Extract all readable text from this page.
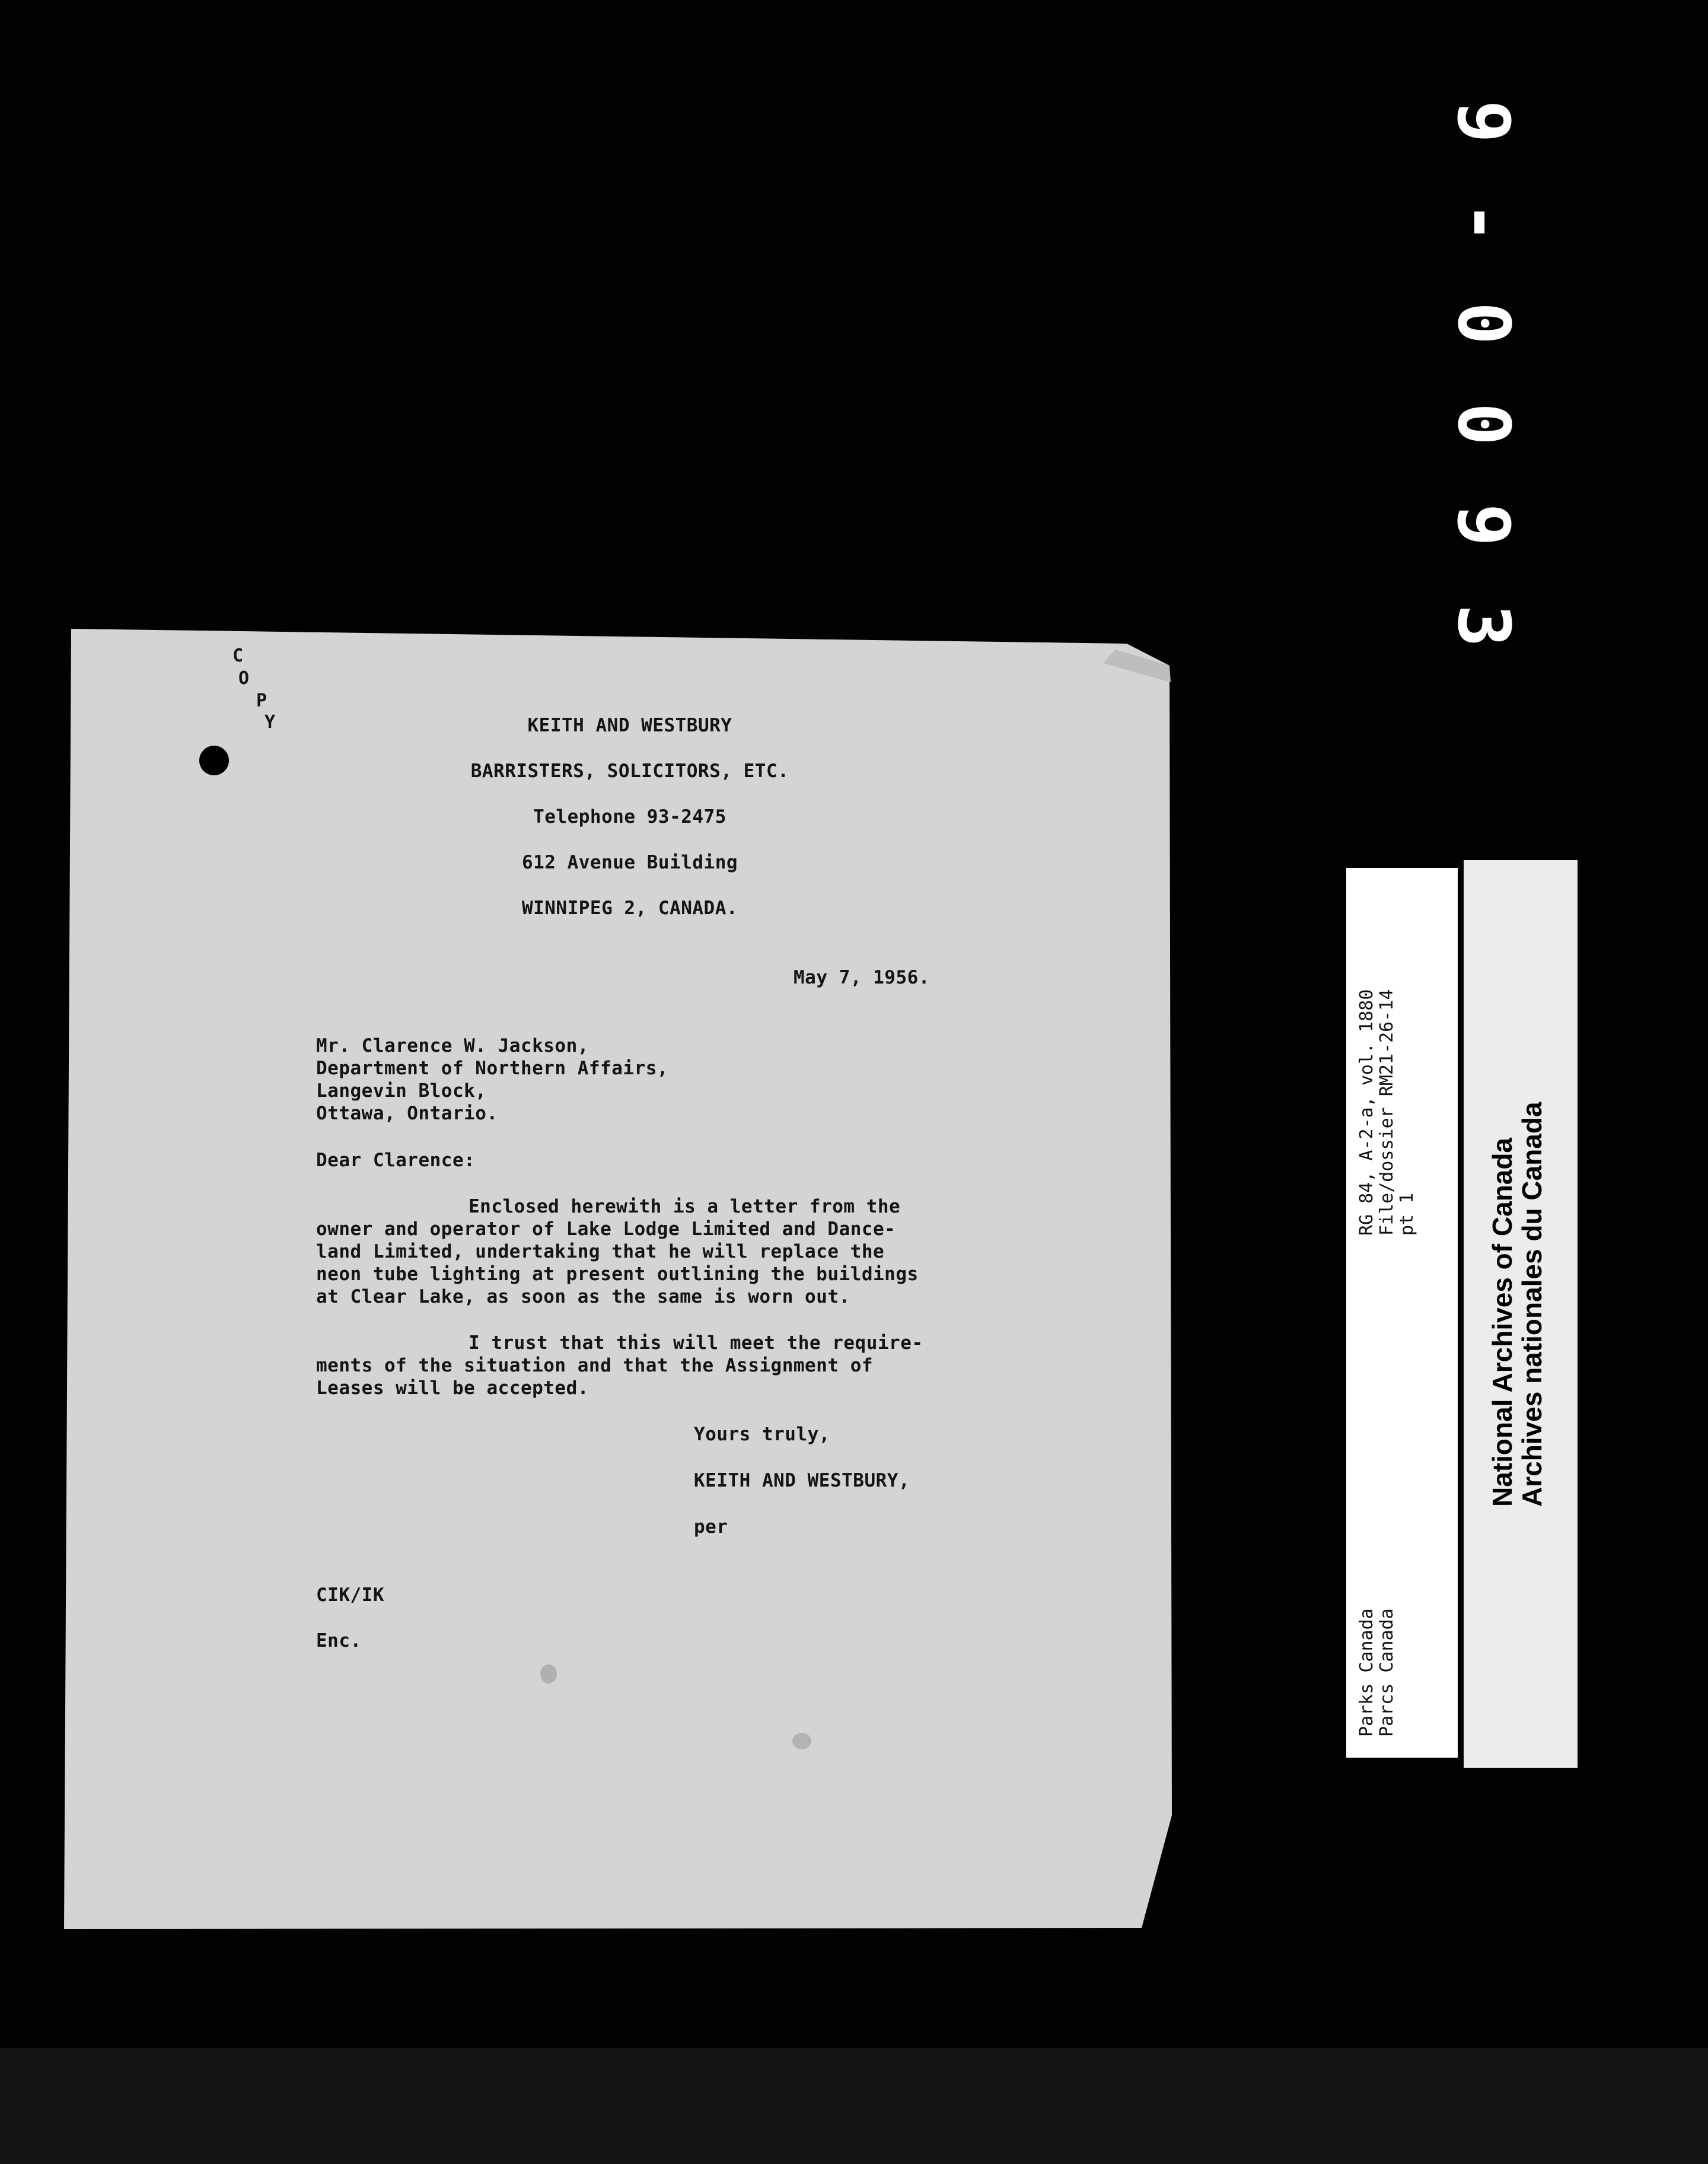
C
O
P
Y	KEITH AND WESTBURY
BARRISTERS, SOLICITORS, ETC.
Telephone 93-2475
612 Avenue Building
WINNIPEG 2, CANADA.
May 7, 1956.
Mr. Clarence W. Jackson,
Department of Northern Affairs,
Langevin Block,
Ottawa, Ontario.
Dear Clarence:
Enclosed herewith is a letter from the
owner and operator of Lake Lodge Limited and Dance-
land Limited, undertaking that he will replace the
neon tube lighting at present outlining the buildings
at Clear Lake, as soon as the same is worn out.
I trust that this will meet the require-
ments of the situation and that the Assignment of
Leases will be accepted.
Yours truly,
KEITH AND WESTBURY,
per
CIK/IK
Enc.
9
-
0
0
9
3
RG 84, A-2-a, vol. 1880 File/dossier RM21-26-14 pt 1
Parks Canada Parcs Canada
National Archives of Canada
Archives nationales du Canada
